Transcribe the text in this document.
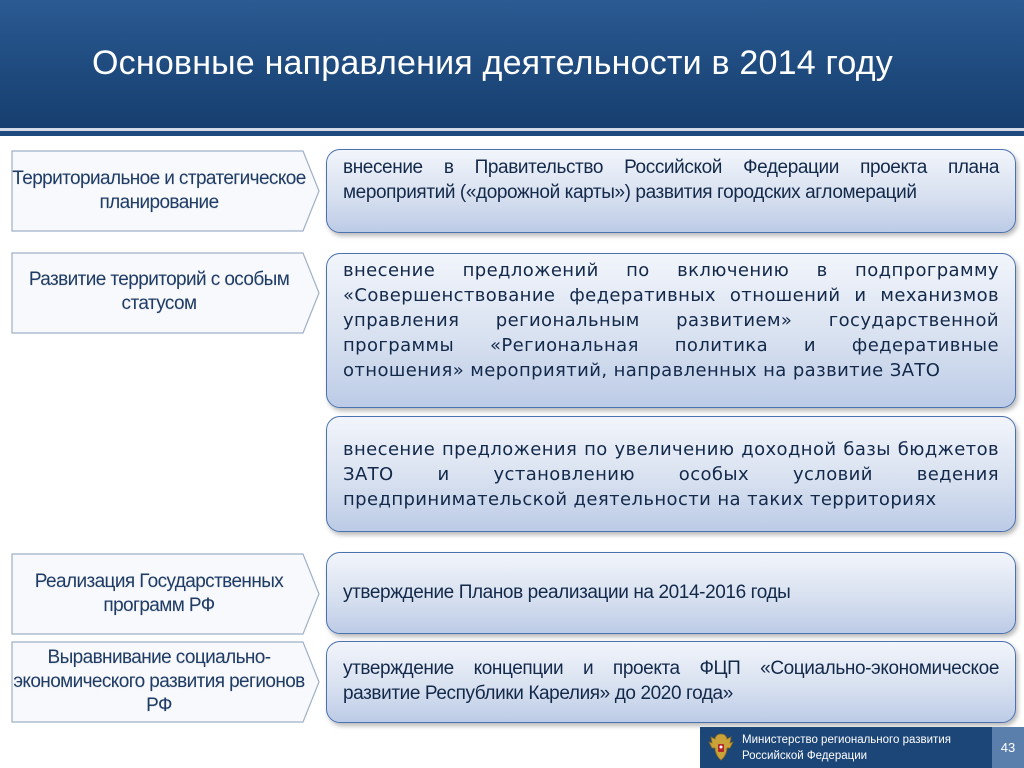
Основные направления деятельности в 2014 году
Территориальное и стратегическое планирование
внесение в Правительство Российской Федерации проекта плана мероприятий («дорожной карты») развития городских агломераций
Развитие территорий с особым статусом
внесение предложений по включению в подпрограмму «Совершенствование федеративных отношений и механизмов управления региональным развитием» государственной программы «Региональная политика и федеративные отношения» мероприятий, направленных на развитие ЗАТО
внесение предложения по увеличению доходной базы бюджетов ЗАТО и установлению особых условий ведения предпринимательской деятельности на таких территориях
Реализация Государственных программ РФ
утверждение Планов реализации на 2014-2016 годы
Выравнивание социально-экономического развития регионов РФ
утверждение концепции и проекта ФЦП «Социально-экономическое развитие Республики Карелия» до 2020 года»
Министерство регионального развития Российской Федерации
43
